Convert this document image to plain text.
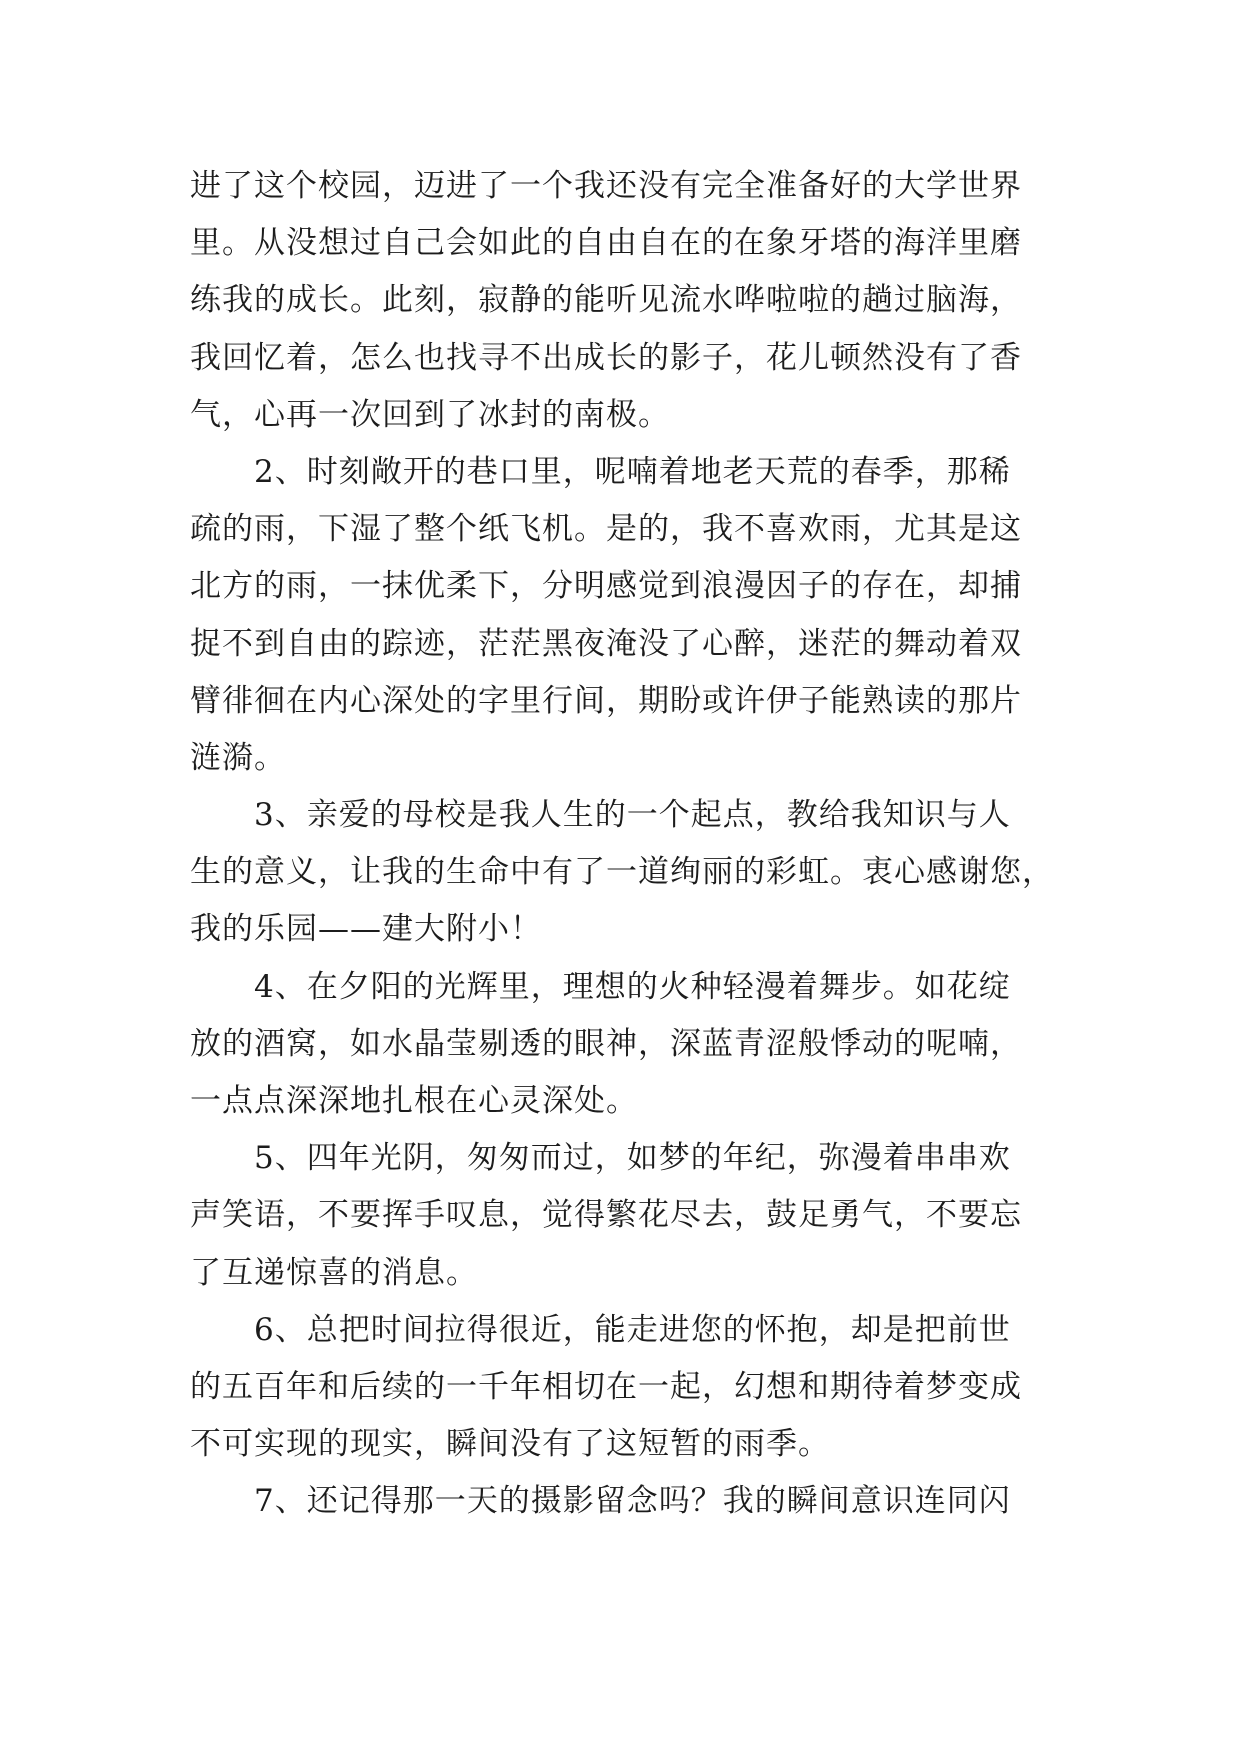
进了这个校园，迈进了一个我还没有完全准备好的大学世界
里。从没想过自己会如此的自由自在的在象牙塔的海洋里磨
练我的成长。此刻，寂静的能听见流水哗啦啦的趟过脑海，
我回忆着，怎么也找寻不出成长的影子，花儿顿然没有了香
气，心再一次回到了冰封的南极。
　　2、时刻敞开的巷口里，呢喃着地老天荒的春季，那稀
疏的雨，下湿了整个纸飞机。是的，我不喜欢雨，尤其是这
北方的雨，一抹优柔下，分明感觉到浪漫因子的存在，却捕
捉不到自由的踪迹，茫茫黑夜淹没了心醉，迷茫的舞动着双
臂徘徊在内心深处的字里行间，期盼或许伊子能熟读的那片
涟漪。
　　3、亲爱的母校是我人生的一个起点，教给我知识与人
生的意义，让我的生命中有了一道绚丽的彩虹。衷心感谢您，
我的乐园——建大附小！
　　4、在夕阳的光辉里，理想的火种轻漫着舞步。如花绽
放的酒窝，如水晶莹剔透的眼神，深蓝青涩般悸动的呢喃，
一点点深深地扎根在心灵深处。
　　5、四年光阴，匆匆而过，如梦的年纪，弥漫着串串欢
声笑语，不要挥手叹息，觉得繁花尽去，鼓足勇气，不要忘
了互递惊喜的消息。
　　6、总把时间拉得很近，能走进您的怀抱，却是把前世
的五百年和后续的一千年相切在一起，幻想和期待着梦变成
不可实现的现实，瞬间没有了这短暂的雨季。
　　7、还记得那一天的摄影留念吗？我的瞬间意识连同闪
